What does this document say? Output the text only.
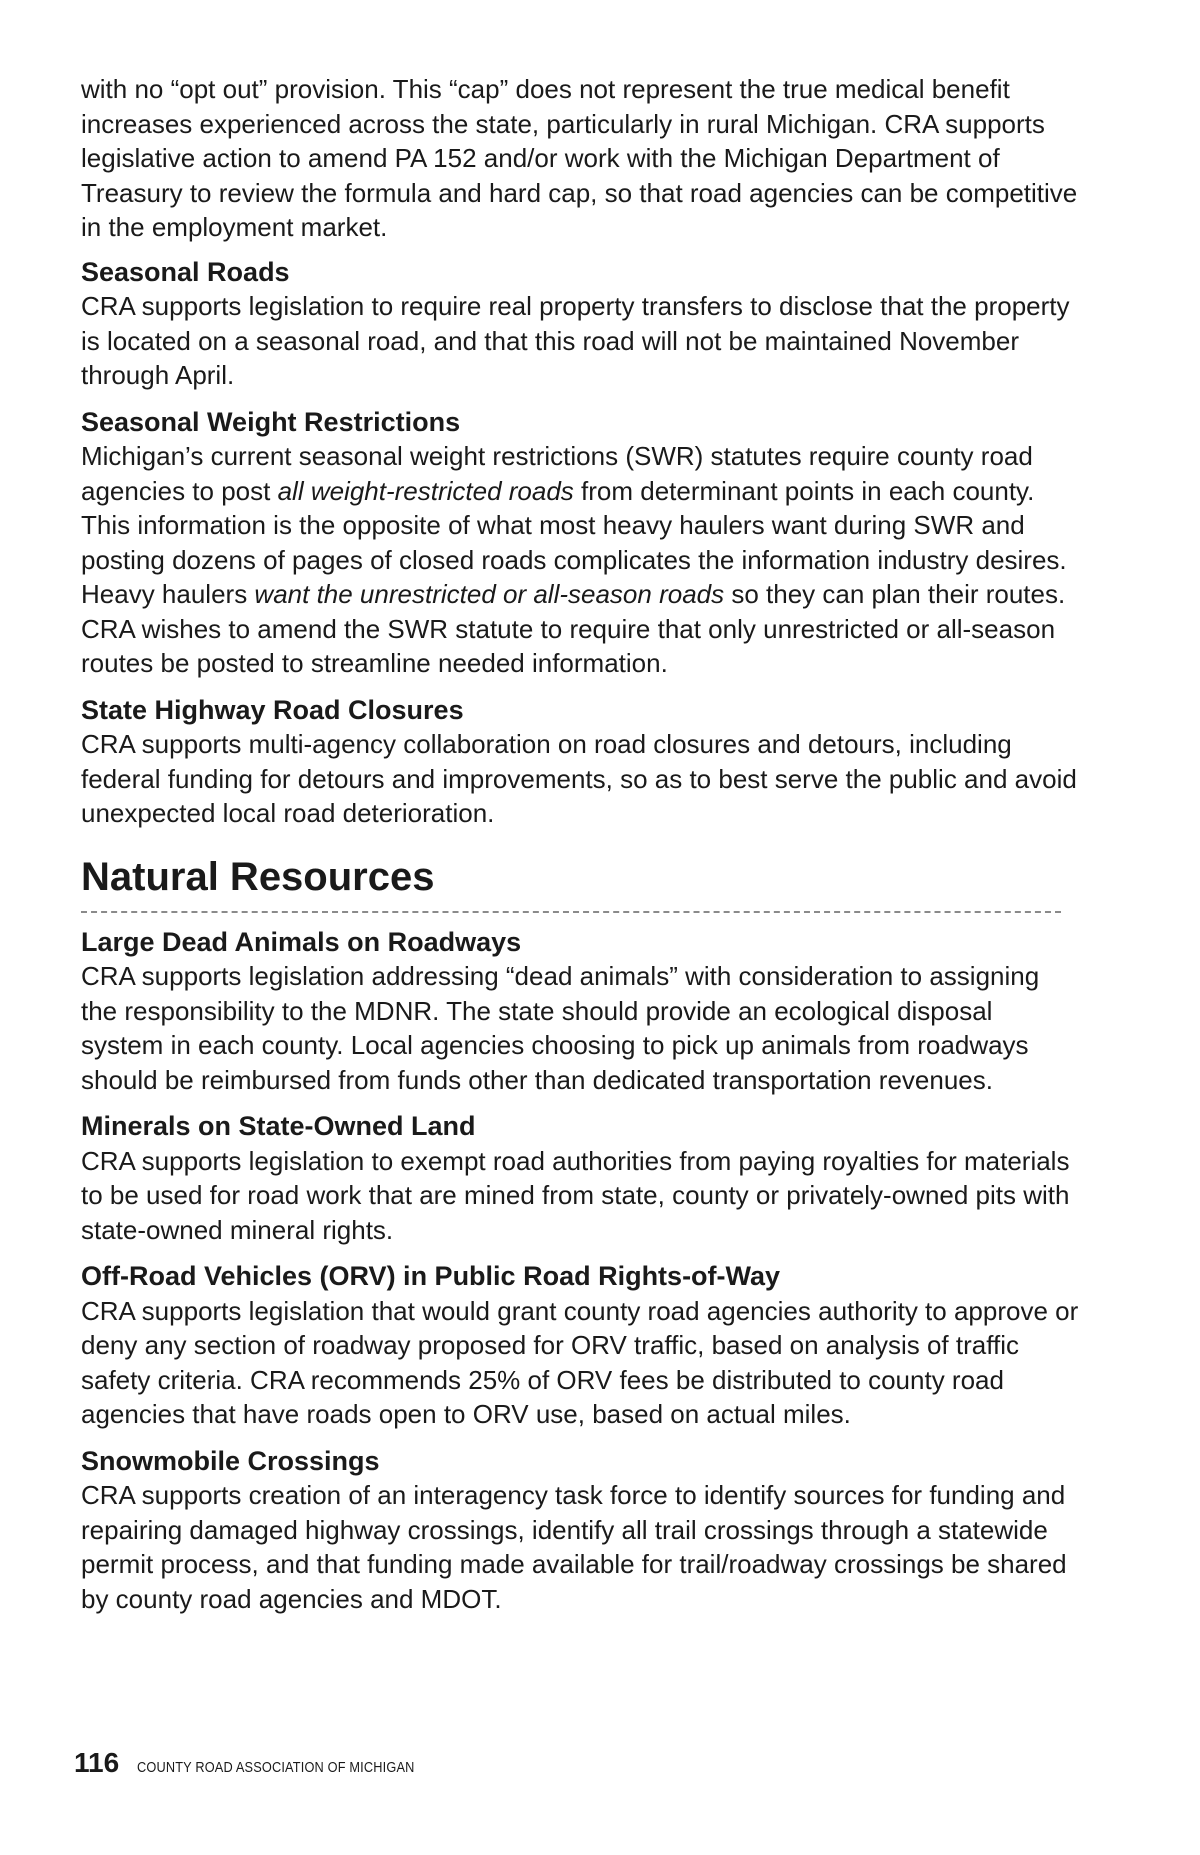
with no “opt out” provision. This “cap” does not represent the true medical benefit increases experienced across the state, particularly in rural Michigan. CRA supports legislative action to amend PA 152 and/or work with the Michigan Department of Treasury to review the formula and hard cap, so that road agencies can be competitive in the employment market.

Seasonal Roads

CRA supports legislation to require real property transfers to disclose that the property is located on a seasonal road, and that this road will not be maintained November through April.

Seasonal Weight Restrictions

Michigan’s current seasonal weight restrictions (SWR) statutes require county road agencies to post all weight-restricted roads from determinant points in each county. This information is the opposite of what most heavy haulers want during SWR and posting dozens of pages of closed roads complicates the information industry desires. Heavy haulers want the unrestricted or all-season roads so they can plan their routes. CRA wishes to amend the SWR statute to require that only unrestricted or all-season routes be posted to streamline needed information.

State Highway Road Closures

CRA supports multi-agency collaboration on road closures and detours, including federal funding for detours and improvements, so as to best serve the public and avoid unexpected local road deterioration.

Natural Resources
Large Dead Animals on Roadways

CRA supports legislation addressing “dead animals” with consideration to assigning the responsibility to the MDNR. The state should provide an ecological disposal system in each county. Local agencies choosing to pick up animals from roadways should be reimbursed from funds other than dedicated transportation revenues.

Minerals on State-Owned Land

CRA supports legislation to exempt road authorities from paying royalties for materials to be used for road work that are mined from state, county or privately-owned pits with state-owned mineral rights.

Off-Road Vehicles (ORV) in Public Road Rights-of-Way

CRA supports legislation that would grant county road agencies authority to approve or deny any section of roadway proposed for ORV traffic, based on analysis of traffic safety criteria. CRA recommends 25% of ORV fees be distributed to county road agencies that have roads open to ORV use, based on actual miles.

Snowmobile Crossings

CRA supports creation of an interagency task force to identify sources for funding and repairing damaged highway crossings, identify all trail crossings through a statewide permit process, and that funding made available for trail/roadway crossings be shared by county road agencies and MDOT.

116 COUNTY ROAD ASSOCIATION OF MICHIGAN
